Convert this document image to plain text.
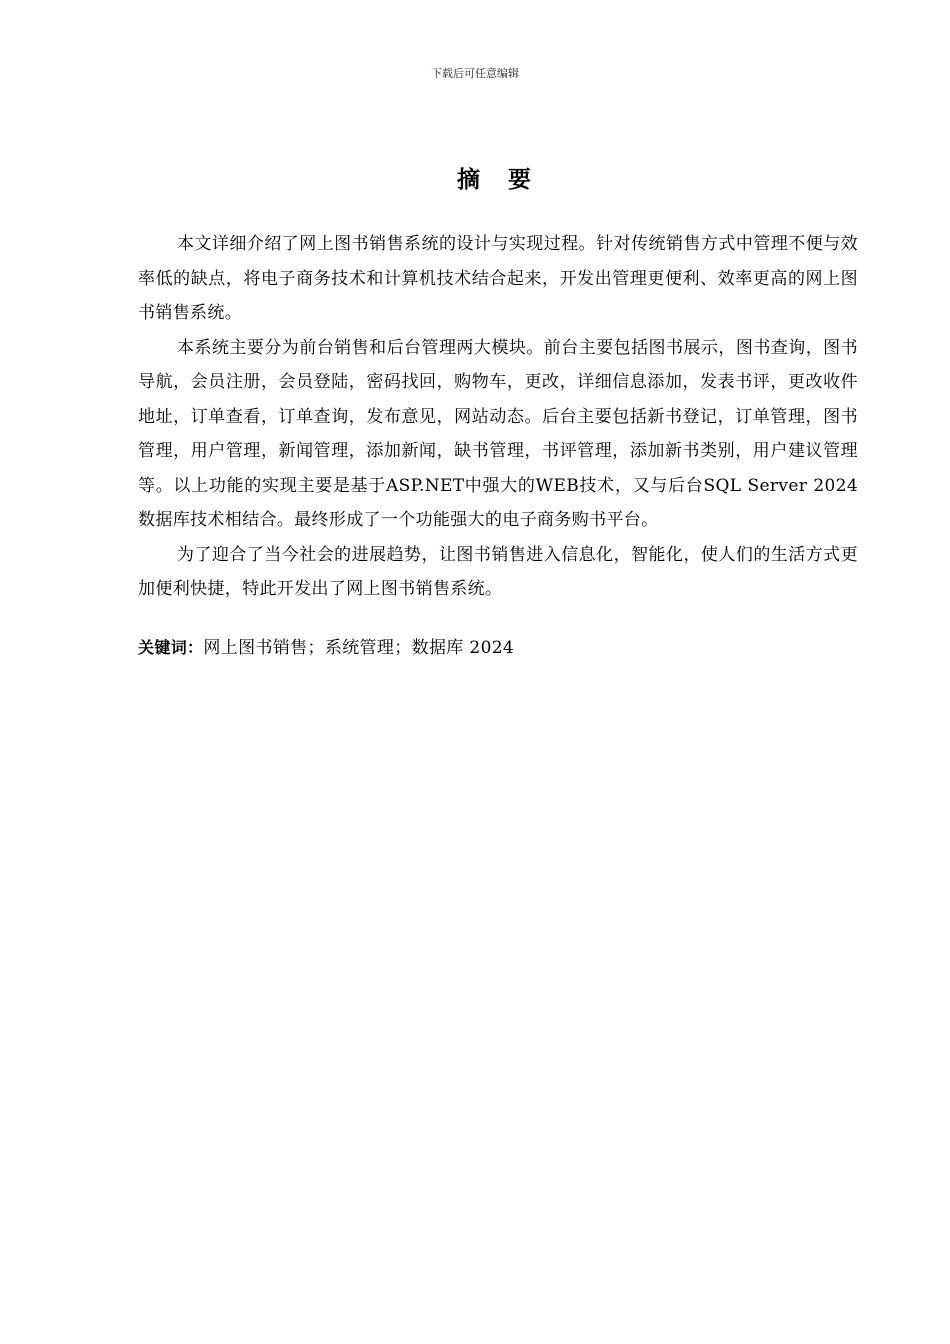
下载后可任意编辑
摘 要

本文详细介绍了网上图书销售系统的设计与实现过程。针对传统销售方式中管理不便与效率低的缺点，将电子商务技术和计算机技术结合起来，开发出管理更便利、效率更高的网上图书销售系统。

本系统主要分为前台销售和后台管理两大模块。前台主要包括图书展示，图书查询，图书导航，会员注册，会员登陆，密码找回，购物车，更改，详细信息添加，发表书评，更改收件地址，订单查看，订单查询，发布意见，网站动态。后台主要包括新书登记，订单管理，图书管理，用户管理，新闻管理，添加新闻，缺书管理，书评管理，添加新书类别，用户建议管理等。以上功能的实现主要是基于ASP.NET中强大的WEB技术，又与后台SQL Server 2024数据库技术相结合。最终形成了一个功能强大的电子商务购书平台。

为了迎合了当今社会的进展趋势，让图书销售进入信息化，智能化，使人们的生活方式更加便利快捷，特此开发出了网上图书销售系统。

关键词：网上图书销售；系统管理；数据库 2024
